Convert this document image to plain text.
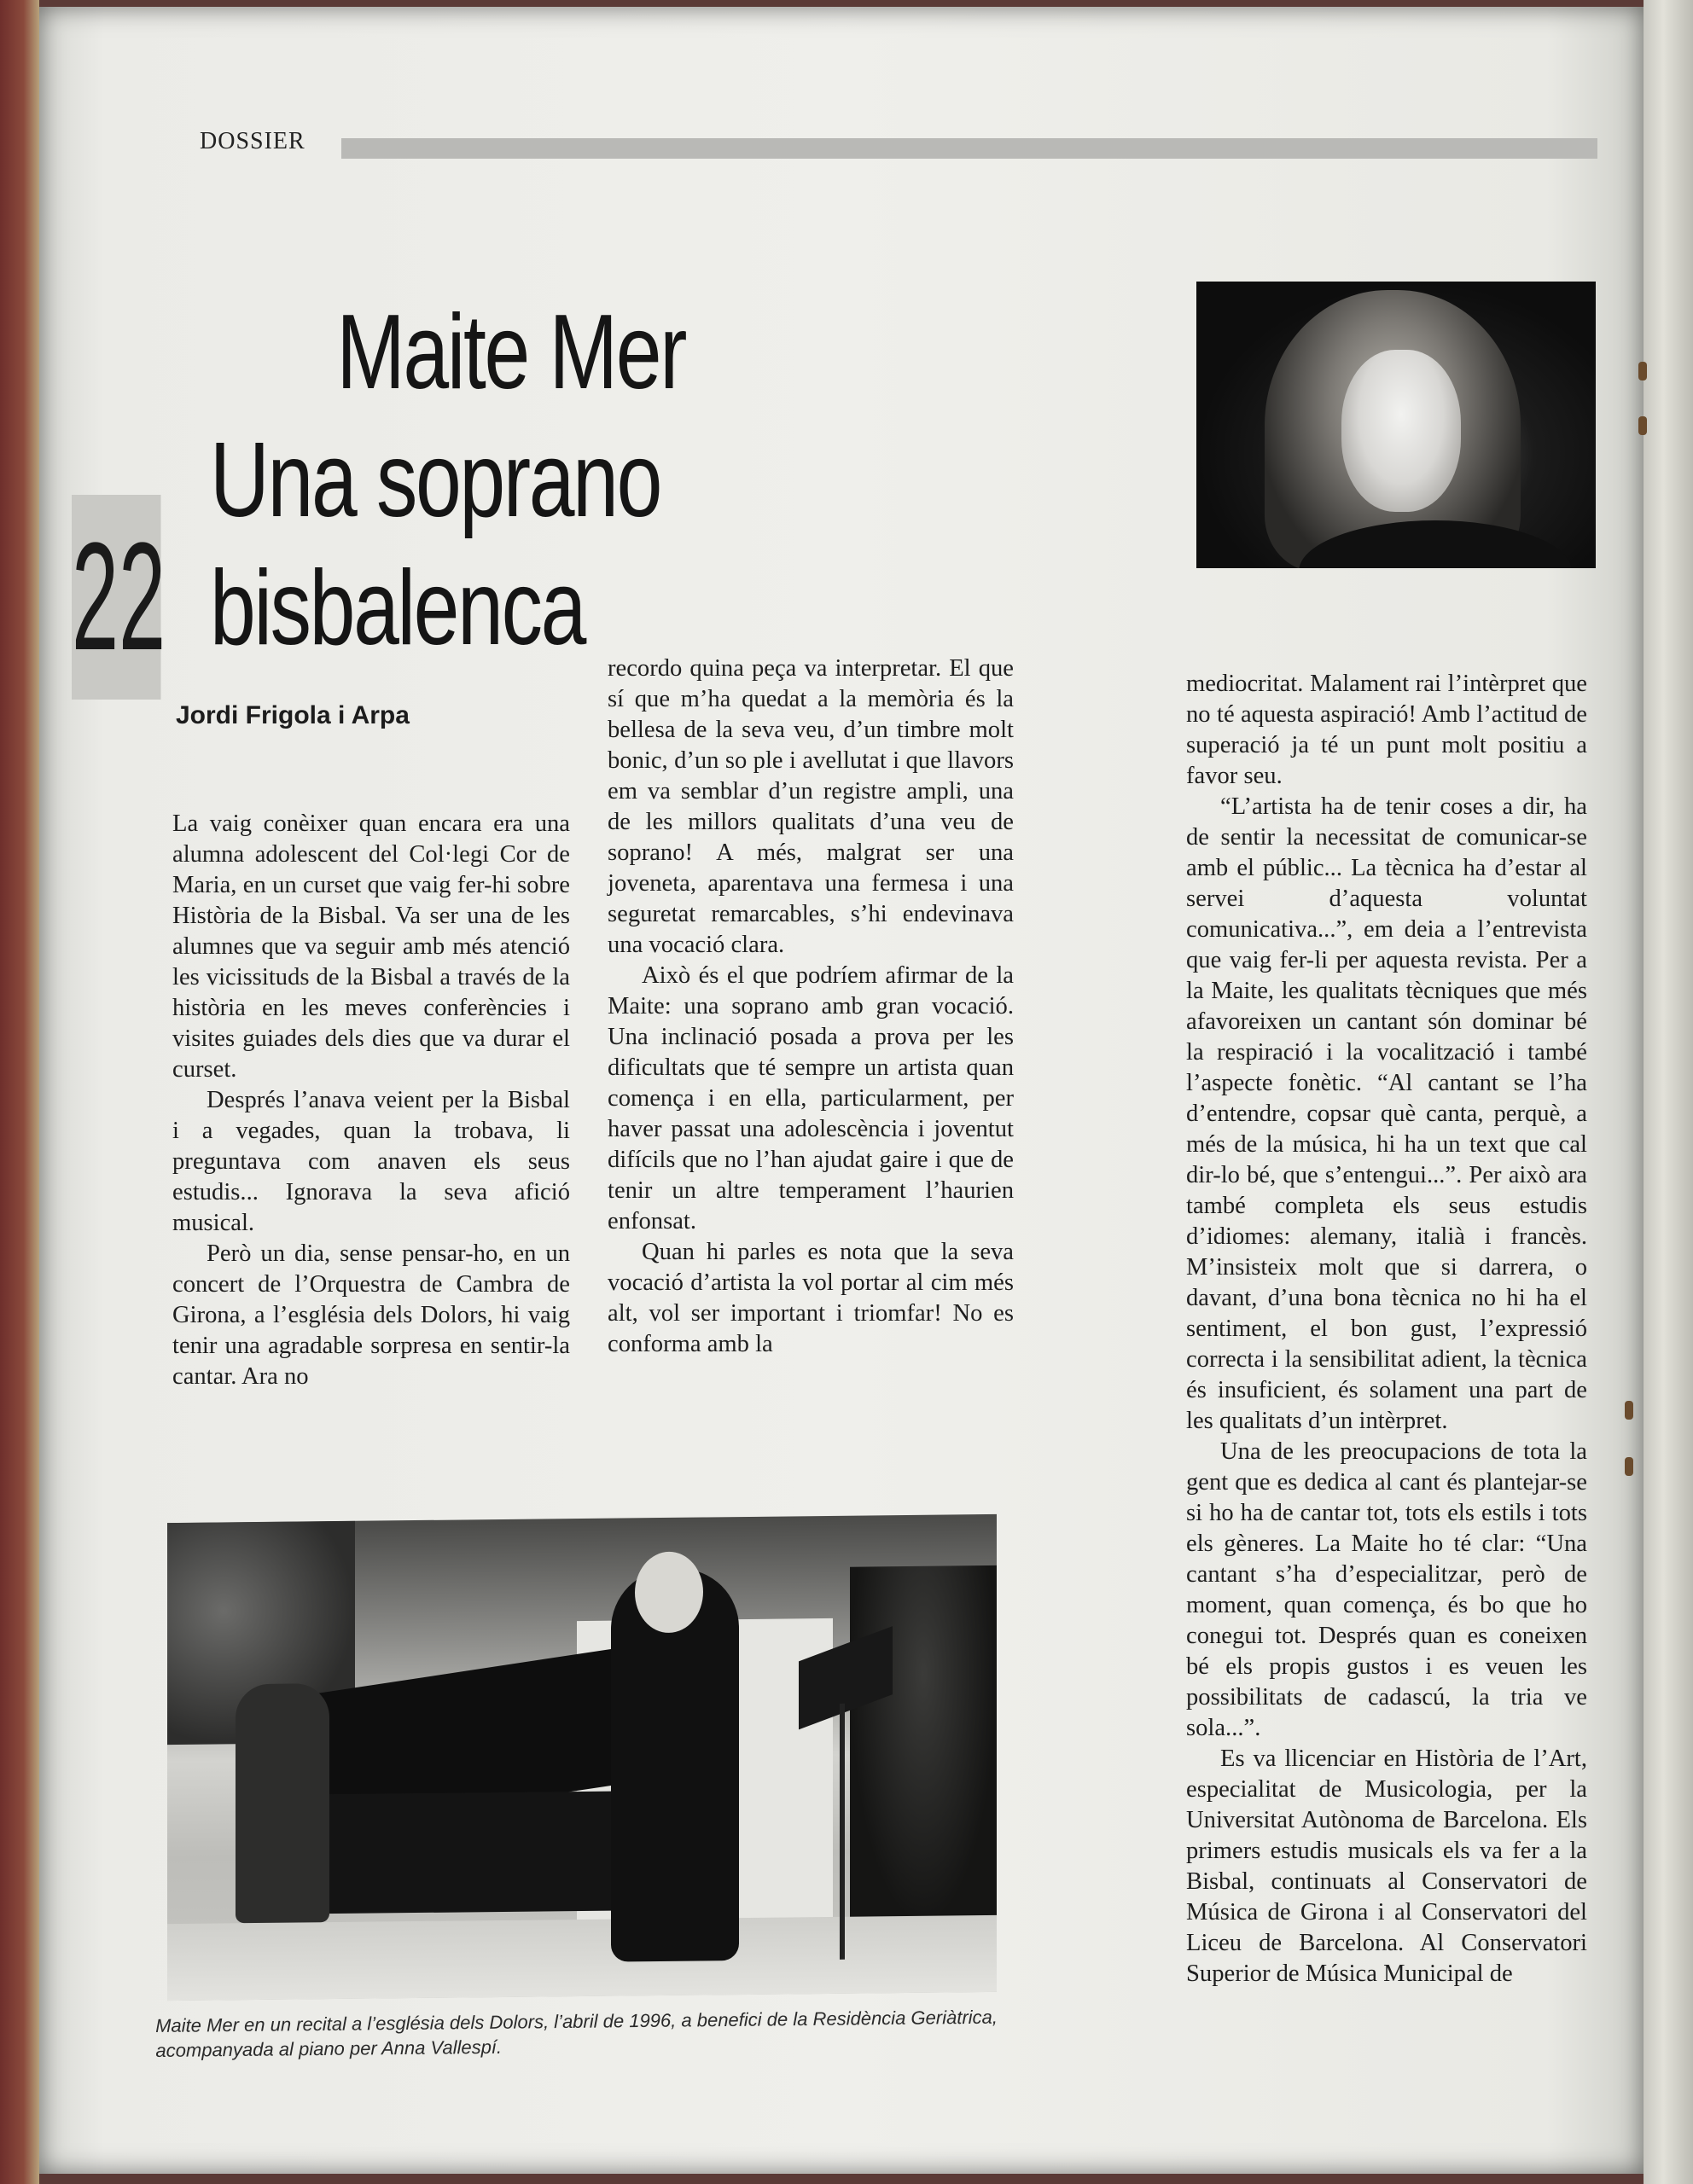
DOSSIER
22
Maite Mer
Una soprano bisbalenca
Jordi Frigola i Arpa

La vaig conèixer quan encara era una alumna adolescent del Col·legi Cor de Maria, en un curset que vaig fer-hi sobre Història de la Bisbal. Va ser una de les alumnes que va seguir amb més atenció les vicissituds de la Bisbal a través de la història en les meves conferències i visites guiades dels dies que va durar el curset.

Després l’anava veient per la Bisbal i a vegades, quan la trobava, li preguntava com anaven els seus estudis... Ignorava la seva afició musical.

Però un dia, sense pensar-ho, en un concert de l’Orquestra de Cambra de Girona, a l’església dels Dolors, hi vaig tenir una agradable sorpresa en sentir-la cantar. Ara no

recordo quina peça va interpretar. El que sí que m’ha quedat a la memòria és la bellesa de la seva veu, d’un timbre molt bonic, d’un so ple i avellutat i que llavors em va semblar d’un registre ampli, una de les millors qualitats d’una veu de soprano! A més, malgrat ser una joveneta, aparentava una fermesa i una seguretat remarcables, s’hi endevinava una vocació clara.

Això és el que podríem afirmar de la Maite: una soprano amb gran vocació. Una inclinació posada a prova per les dificultats que té sempre un artista quan comença i en ella, particularment, per haver passat una adolescència i joventut difícils que no l’han ajudat gaire i que de tenir un altre temperament l’haurien enfonsat.

Quan hi parles es nota que la seva vocació d’artista la vol portar al cim més alt, vol ser important i triomfar! No es conforma amb la

mediocritat. Malament rai l’intèrpret que no té aquesta aspiració! Amb l’actitud de superació ja té un punt molt positiu a favor seu.

“L’artista ha de tenir coses a dir, ha de sentir la necessitat de comunicar-se amb el públic... La tècnica ha d’estar al servei d’aquesta voluntat comunicativa...”, em deia a l’entrevista que vaig fer-li per aquesta revista. Per a la Maite, les qualitats tècniques que més afavoreixen un cantant són dominar bé la respiració i la vocalització i també l’aspecte fonètic. “Al cantant se l’ha d’entendre, copsar què canta, perquè, a més de la música, hi ha un text que cal dir-lo bé, que s’entengui...”. Per això ara també completa els seus estudis d’idiomes: alemany, italià i francès. M’insisteix molt que si darrera, o davant, d’una bona tècnica no hi ha el sentiment, el bon gust, l’expressió correcta i la sensibilitat adient, la tècnica és insuficient, és solament una part de les qualitats d’un intèrpret.

Una de les preocupacions de tota la gent que es dedica al cant és plantejar-se si ho ha de cantar tot, tots els estils i tots els gèneres. La Maite ho té clar: “Una cantant s’ha d’especialitzar, però de moment, quan comença, és bo que ho conegui tot. Després quan es coneixen bé els propis gustos i es veuen les possibilitats de cadascú, la tria ve sola...”.

Es va llicenciar en Història de l’Art, especialitat de Musicologia, per la Universitat Autònoma de Barcelona. Els primers estudis musicals els va fer a la Bisbal, continuats al Conservatori de Música de Girona i al Conservatori del Liceu de Barcelona. Al Conservatori Superior de Música Municipal de

Maite Mer en un recital a l’església dels Dolors, l’abril de 1996, a benefici de la Residència Geriàtrica, acompanyada al piano per Anna Vallespí.
